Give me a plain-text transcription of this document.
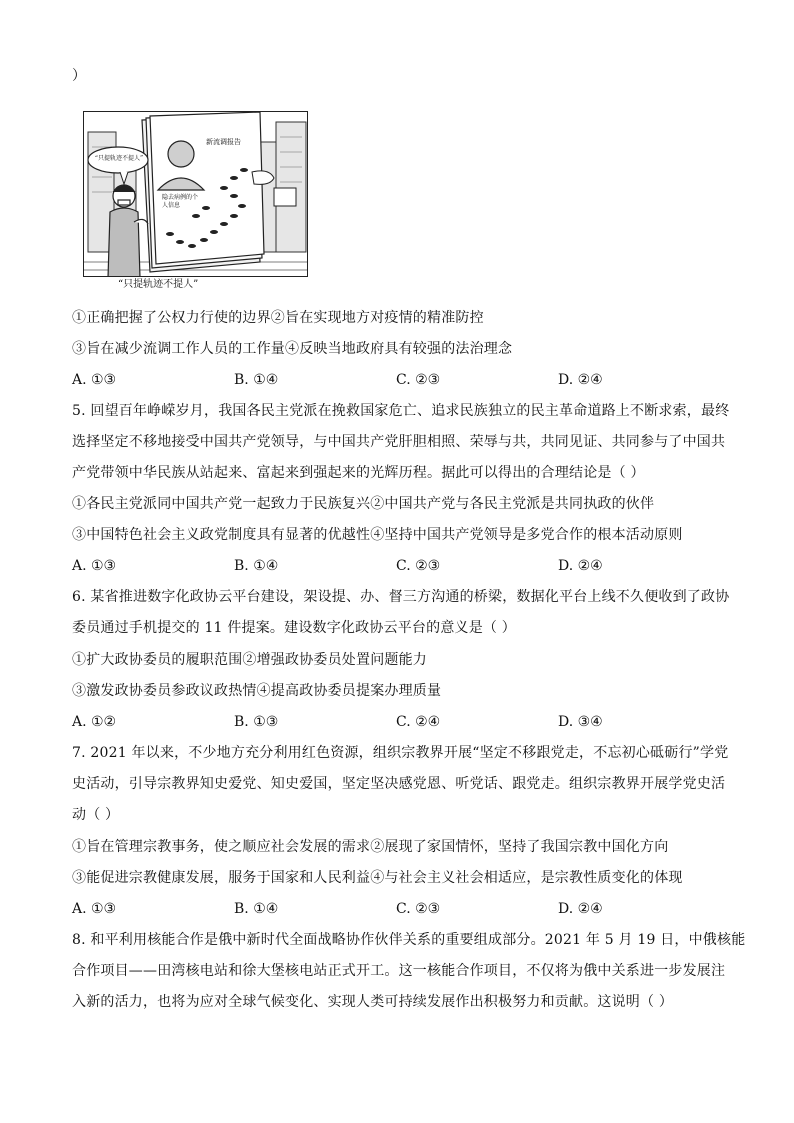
）
“只提轨迹不提人”
新流调报告
隐去病例的个人信息
“只提轨迹不提人”
①正确把握了公权力行使的边界②旨在实现地方对疫情的精准防控
③旨在减少流调工作人员的工作量④反映当地政府具有较强的法治理念
A. ①③	B. ①④	C. ②③	D. ②④
5. 回望百年峥嵘岁月，我国各民主党派在挽救国家危亡、追求民族独立的民主革命道路上不断求索，最终
选择坚定不移地接受中国共产党领导，与中国共产党肝胆相照、荣辱与共，共同见证、共同参与了中国共
产党带领中华民族从站起来、富起来到强起来的光辉历程。据此可以得出的合理结论是（ ）
①各民主党派同中国共产党一起致力于民族复兴②中国共产党与各民主党派是共同执政的伙伴
③中国特色社会主义政党制度具有显著的优越性④坚持中国共产党领导是多党合作的根本活动原则
A. ①③	B. ①④	C. ②③	D. ②④
6. 某省推进数字化政协云平台建设，架设提、办、督三方沟通的桥梁，数据化平台上线不久便收到了政协
委员通过手机提交的 11 件提案。建设数字化政协云平台的意义是（ ）
①扩大政协委员的履职范围②增强政协委员处置问题能力
③激发政协委员参政议政热情④提高政协委员提案办理质量
A. ①②	B. ①③	C. ②④	D. ③④
7. 2021 年以来，不少地方充分利用红色资源，组织宗教界开展“坚定不移跟党走，不忘初心砥砺行”学党
史活动，引导宗教界知史爱党、知史爱国，坚定坚决感党恩、听党话、跟党走。组织宗教界开展学党史活
动（ ）
①旨在管理宗教事务，使之顺应社会发展的需求②展现了家国情怀，坚持了我国宗教中国化方向
③能促进宗教健康发展，服务于国家和人民利益④与社会主义社会相适应，是宗教性质变化的体现
A. ①③	B. ①④	C. ②③	D. ②④
8. 和平利用核能合作是俄中新时代全面战略协作伙伴关系的重要组成部分。2021 年 5 月 19 日，中俄核能
合作项目——田湾核电站和徐大堡核电站正式开工。这一核能合作项目，不仅将为俄中关系进一步发展注
入新的活力，也将为应对全球气候变化、实现人类可持续发展作出积极努力和贡献。这说明（ ）
